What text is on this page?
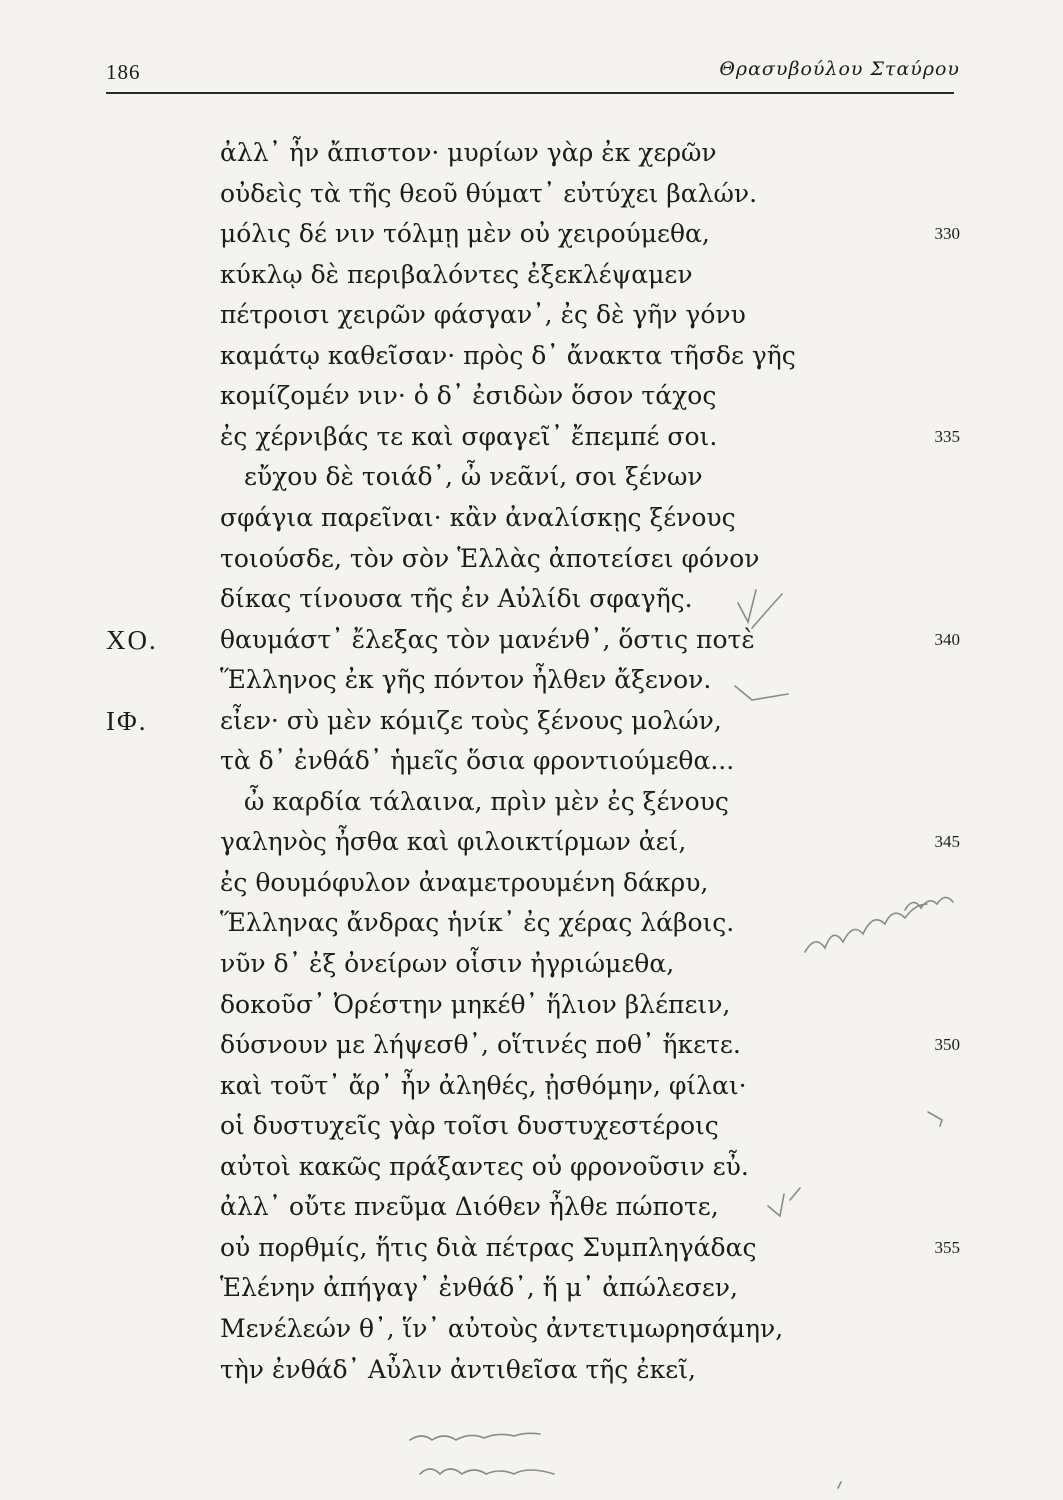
186	Θρασυβούλου Σταύρου
ἀλλ᾽ ἦν ἄπιστον· μυρίων γὰρ ἐκ χερῶν
οὐδεὶς τὰ τῆς θεοῦ θύματ᾽ εὐτύχει βαλών.
μόλις δέ νιν τόλμῃ μὲν οὐ χειρούμεθα,	330
κύκλῳ δὲ περιβαλόντες ἐξεκλέψαμεν
πέτροισι χειρῶν φάσγαν᾽, ἐς δὲ γῆν γόνυ
καμάτῳ καθεῖσαν· πρὸς δ᾽ ἄνακτα τῆσδε γῆς
κομίζομέν νιν· ὁ δ᾽ ἐσιδὼν ὅσον τάχος
ἐς χέρνιβάς τε καὶ σφαγεῖ᾽ ἔπεμπέ σοι.	335
εὔχου δὲ τοιάδ᾽, ὦ νεᾶνί, σοι ξένων
σφάγια παρεῖναι· κἂν ἀναλίσκῃς ξένους
τοιούσδε, τὸν σὸν Ἑλλὰς ἀποτείσει φόνον
δίκας τίνουσα τῆς ἐν Αὐλίδι σφαγῆς.
θαυμάστ᾽ ἔλεξας τὸν μανένθ᾽, ὅστις ποτὲ
ΧΟ.	340
Ἕλληνος ἐκ γῆς πόντον ἦλθεν ἄξενον.
εἶεν· σὺ μὲν κόμιζε τοὺς ξένους μολών,
ΙΦ.
τὰ δ᾽ ἐνθάδ᾽ ἡμεῖς ὅσια φροντιούμεθα...
ὦ καρδία τάλαινα, πρὶν μὲν ἐς ξένους
γαληνὸς ἦσθα καὶ φιλοικτίρμων ἀεί,	345
ἐς θουμόφυλον ἀναμετρουμένη δάκρυ,
Ἕλληνας ἄνδρας ἡνίκ᾽ ἐς χέρας λάβοις.
νῦν δ᾽ ἐξ ὀνείρων οἷσιν ἠγριώμεθα,
δοκοῦσ᾽ Ὀρέστην μηκέθ᾽ ἥλιον βλέπειν,
δύσνουν με λήψεσθ᾽, οἵτινές ποθ᾽ ἥκετε.	350
καὶ τοῦτ᾽ ἄρ᾽ ἦν ἀληθές, ᾐσθόμην, φίλαι·
οἱ δυστυχεῖς γὰρ τοῖσι δυστυχεστέροις
αὐτοὶ κακῶς πράξαντες οὐ φρονοῦσιν εὖ.
ἀλλ᾽ οὔτε πνεῦμα Διόθεν ἦλθε πώποτε,
οὐ πορθμίς, ἥτις διὰ πέτρας Συμπληγάδας	355
Ἑλένην ἀπήγαγ᾽ ἐνθάδ᾽, ἥ μ᾽ ἀπώλεσεν,
Μενέλεών θ᾽, ἵν᾽ αὐτοὺς ἀντετιμωρησάμην,
τὴν ἐνθάδ᾽ Αὖλιν ἀντιθεῖσα τῆς ἐκεῖ,
